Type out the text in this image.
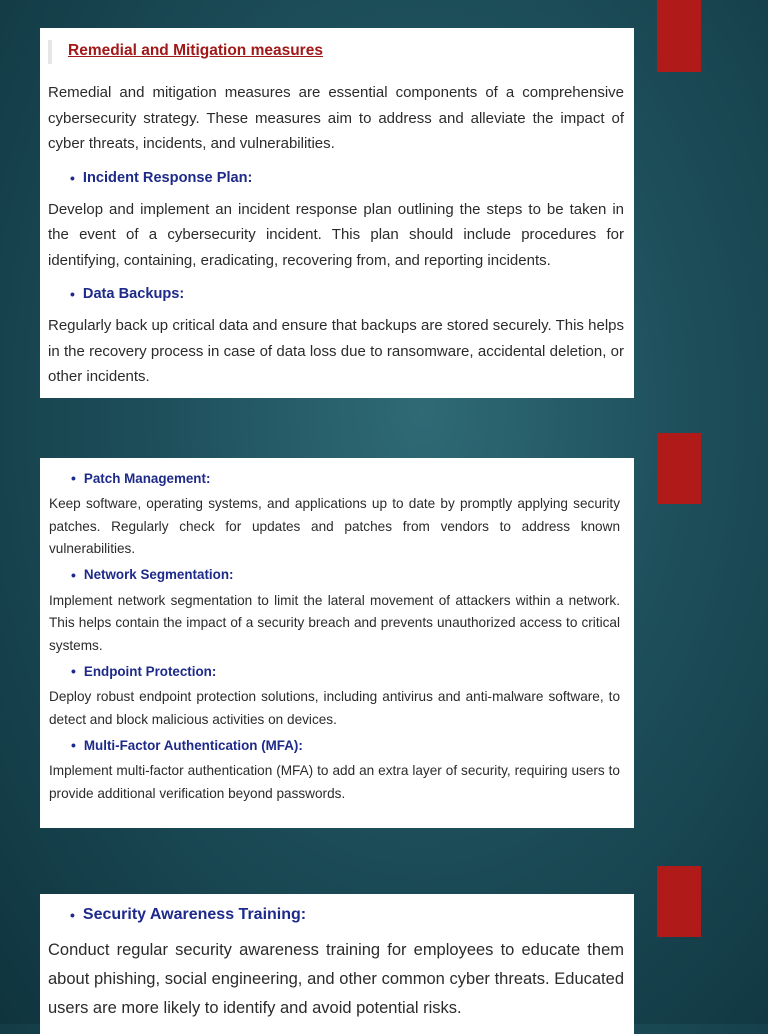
Remedial and Mitigation measures

Remedial and mitigation measures are essential components of a comprehensive cybersecurity strategy. These measures aim to address and alleviate the impact of cyber threats, incidents, and vulnerabilities.

• Incident Response Plan:

Develop and implement an incident response plan outlining the steps to be taken in the event of a cybersecurity incident. This plan should include procedures for identifying, containing, eradicating, recovering from, and reporting incidents.

• Data Backups:

Regularly back up critical data and ensure that backups are stored securely. This helps in the recovery process in case of data loss due to ransomware, accidental deletion, or other incidents.

• Patch Management:

Keep software, operating systems, and applications up to date by promptly applying security patches. Regularly check for updates and patches from vendors to address known vulnerabilities.

• Network Segmentation:

Implement network segmentation to limit the lateral movement of attackers within a network. This helps contain the impact of a security breach and prevents unauthorized access to critical systems.

• Endpoint Protection:

Deploy robust endpoint protection solutions, including antivirus and anti-malware software, to detect and block malicious activities on devices.

• Multi-Factor Authentication (MFA):

Implement multi-factor authentication (MFA) to add an extra layer of security, requiring users to provide additional verification beyond passwords.

• Security Awareness Training:

Conduct regular security awareness training for employees to educate them about phishing, social engineering, and other common cyber threats. Educated users are more likely to identify and avoid potential risks.
